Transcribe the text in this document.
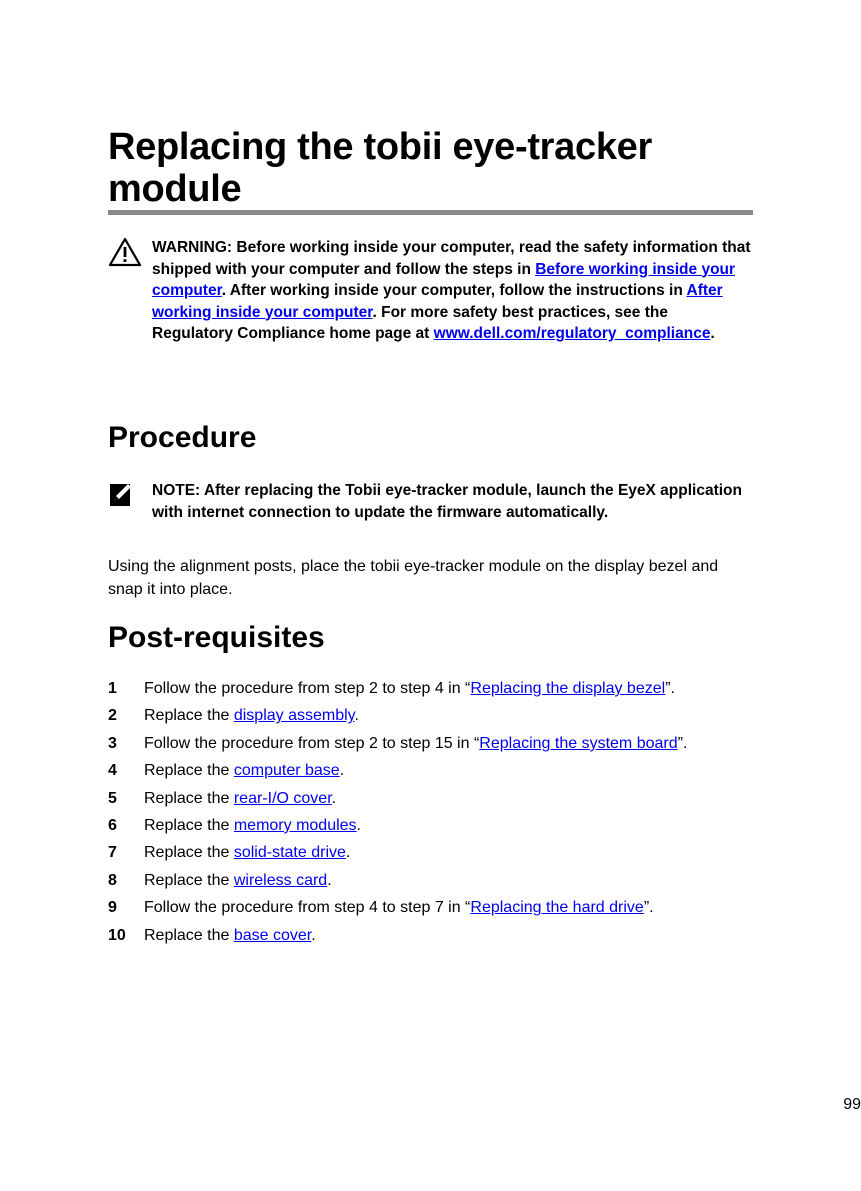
Replacing the tobii eye-tracker module
WARNING: Before working inside your computer, read the safety information that shipped with your computer and follow the steps in Before working inside your computer. After working inside your computer, follow the instructions in After working inside your computer. For more safety best practices, see the Regulatory Compliance home page at www.dell.com/regulatory_compliance.
Procedure
NOTE: After replacing the Tobii eye-tracker module, launch the EyeX application with internet connection to update the firmware automatically.

Using the alignment posts, place the tobii eye-tracker module on the display bezel and snap it into place.

Post-requisites
1	Follow the procedure from step 2 to step 4 in “Replacing the display bezel”.
2	Replace the display assembly.
3	Follow the procedure from step 2 to step 15 in “Replacing the system board”.
4	Replace the computer base.
5	Replace the rear-I/O cover.
6	Replace the memory modules.
7	Replace the solid-state drive.
8	Replace the wireless card.
9	Follow the procedure from step 4 to step 7 in “Replacing the hard drive”.
10	Replace the base cover.
99
